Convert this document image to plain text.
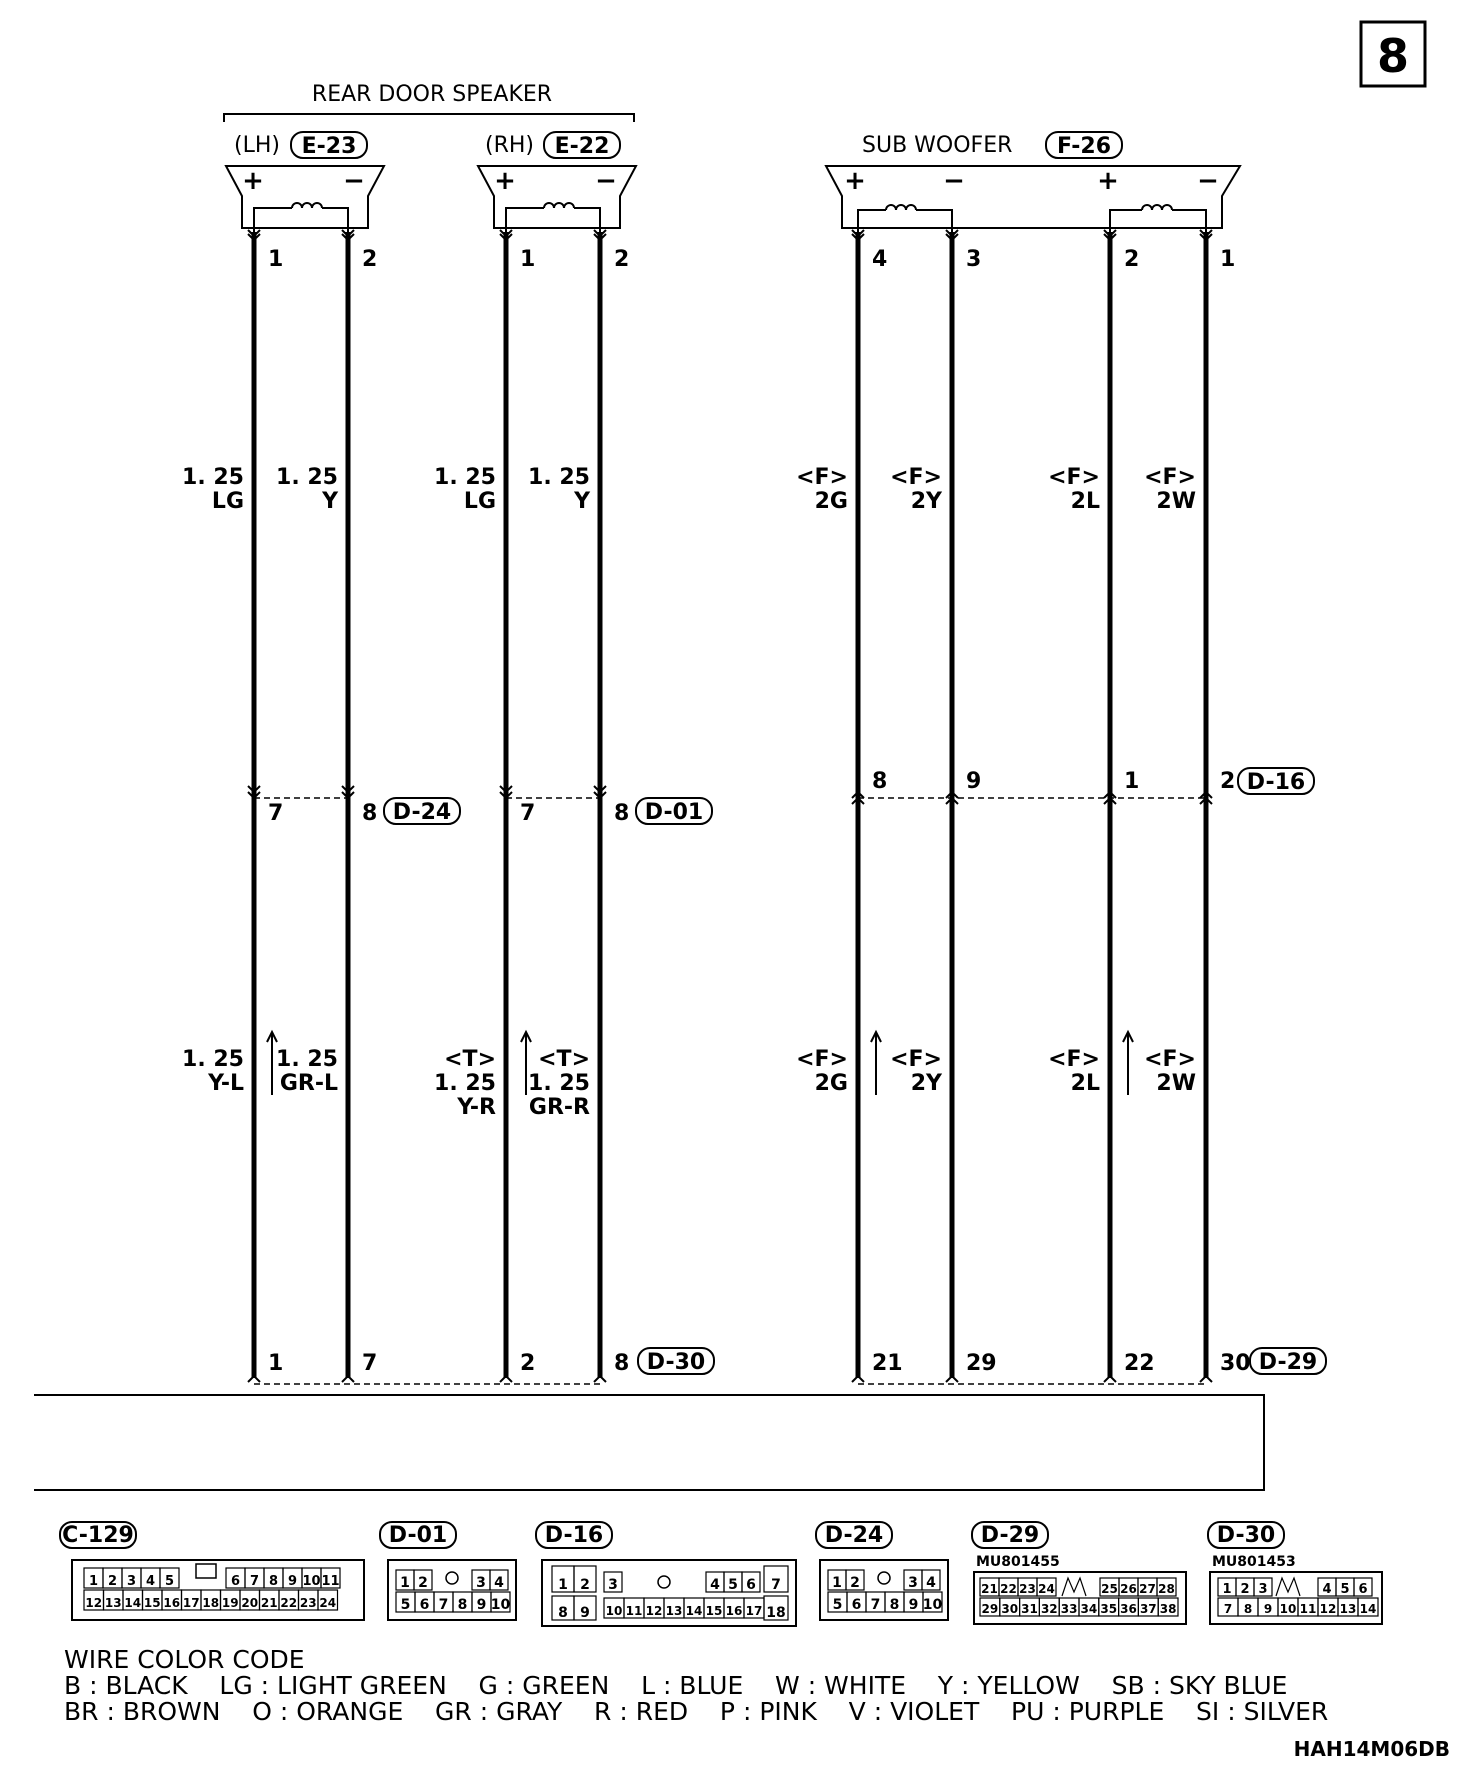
8
REAR DOOR SPEAKER
(LH) E-23
+	−
(RH) E-22
+	−
SUB WOOFER F-26
+	−	+	−
1
1. 25
LG
7
1. 25
Y-L
1
2
1. 25
Y
8
1. 25
GR-L
7
1
1. 25
LG
7
<T>
1. 25
Y-R
2
2
1. 25
Y
8
<T>
1. 25
GR-R
8
4
<F>
2G
8
<F>
2G
21
3
<F>
2Y
9
<F>
2Y
29
2
<F>
2L
1
<F>
2L
22
1
<F>
2W
2
<F>
2W
30
D-24	D-01
D-16
D-30	D-29
C-129
1 2 3 4 5	6 7 8 9 10 11
12 13 14 15 16 17 18 19 20 21 22 23 24
D-01
1 2	3 4
5 6 7 8 9 10
D-16
1 2 3	4 5 6 7
8 9 10 11 12 13 14 15 16 17 18
D-24
1 2	3 4
5 6 7 8 9 10
D-29
MU801455
21 22 23 24	25 26 27 28
29 30 31 32 33 34 35 36 37 38
D-30
MU801453
1 2 3	4 5 6
7 8 9 10 11 12 13 14
WIRE COLOR CODE
B : BLACK    LG : LIGHT GREEN    G : GREEN    L : BLUE    W : WHITE    Y : YELLOW    SB : SKY BLUE
BR : BROWN    O : ORANGE    GR : GRAY    R : RED    P : PINK    V : VIOLET    PU : PURPLE    SI : SILVER
HAH14M06DB
